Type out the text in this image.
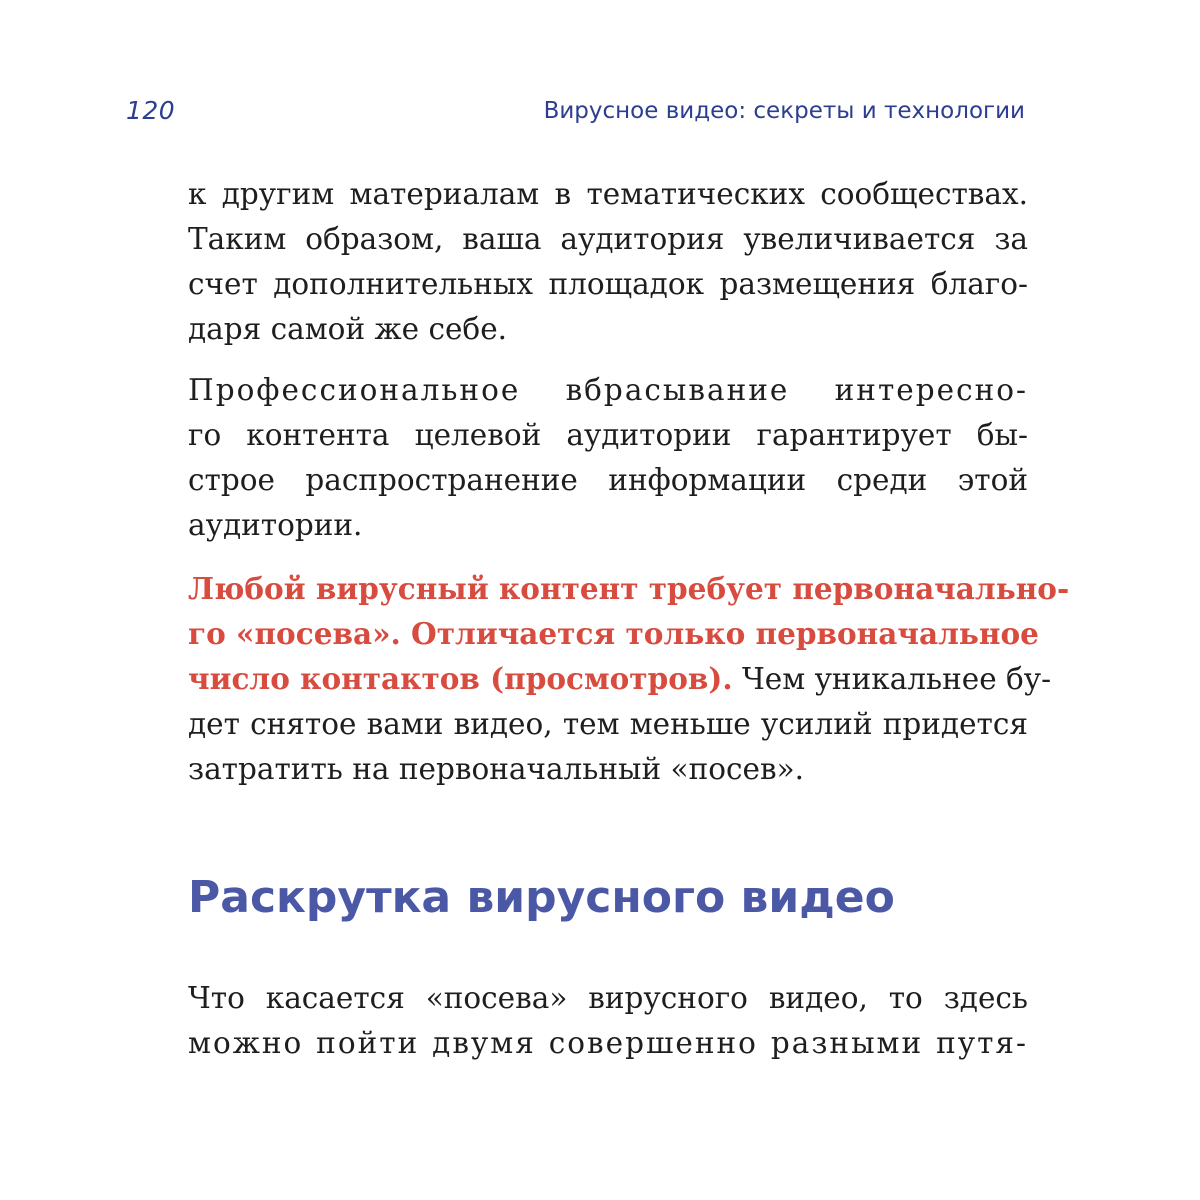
120	Вирусное видео: секреты и технологии

к другим материалам в тематических сообществах.
Таким образом, ваша аудитория увеличивается за
счет дополнительных площадок размещения благо-
даря самой же себе.

Профессиональное вбрасывание интересно-
го контента целевой аудитории гарантирует бы-
строе распространение информации среди этой
аудитории.

Любой вирусный контент требует первоначально-
го «посева». Отличается только первоначальное
число контактов (просмотров). Чем уникальнее бу-
дет снятое вами видео, тем меньше усилий придется
затратить на первоначальный «посев».

Раскрутка вирусного видео

Что касается «посева» вирусного видео, то здесь
можно пойти двумя совершенно разными путя-
